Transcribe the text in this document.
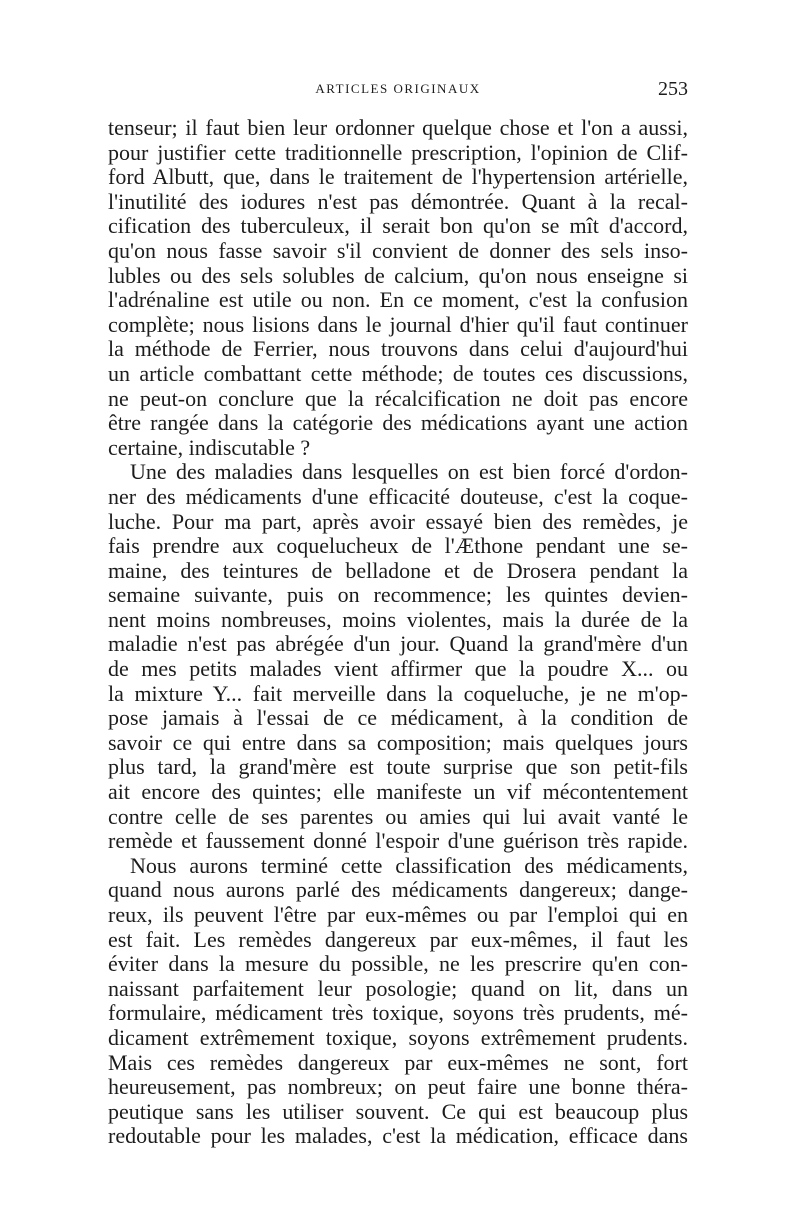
ARTICLES ORIGINAUX	253
tenseur; il faut bien leur ordonner quelque chose et l'on a aussi,
pour justifier cette traditionnelle prescription, l'opinion de Clif-
ford Albutt, que, dans le traitement de l'hypertension artérielle,
l'inutilité des iodures n'est pas démontrée. Quant à la recal-
cification des tuberculeux, il serait bon qu'on se mît d'accord,
qu'on nous fasse savoir s'il convient de donner des sels inso-
lubles ou des sels solubles de calcium, qu'on nous enseigne si
l'adrénaline est utile ou non. En ce moment, c'est la confusion
complète; nous lisions dans le journal d'hier qu'il faut continuer
la méthode de Ferrier, nous trouvons dans celui d'aujourd'hui
un article combattant cette méthode; de toutes ces discussions,
ne peut-on conclure que la récalcification ne doit pas encore
être rangée dans la catégorie des médications ayant une action
certaine, indiscutable ?
Une des maladies dans lesquelles on est bien forcé d'ordon-
ner des médicaments d'une efficacité douteuse, c'est la coque-
luche. Pour ma part, après avoir essayé bien des remèdes, je
fais prendre aux coquelucheux de l'Æthone pendant une se-
maine, des teintures de belladone et de Drosera pendant la
semaine suivante, puis on recommence; les quintes devien-
nent moins nombreuses, moins violentes, mais la durée de la
maladie n'est pas abrégée d'un jour. Quand la grand'mère d'un
de mes petits malades vient affirmer que la poudre X... ou
la mixture Y... fait merveille dans la coqueluche, je ne m'op-
pose jamais à l'essai de ce médicament, à la condition de
savoir ce qui entre dans sa composition; mais quelques jours
plus tard, la grand'mère est toute surprise que son petit-fils
ait encore des quintes; elle manifeste un vif mécontentement
contre celle de ses parentes ou amies qui lui avait vanté le
remède et faussement donné l'espoir d'une guérison très rapide.
Nous aurons terminé cette classification des médicaments,
quand nous aurons parlé des médicaments dangereux; dange-
reux, ils peuvent l'être par eux-mêmes ou par l'emploi qui en
est fait. Les remèdes dangereux par eux-mêmes, il faut les
éviter dans la mesure du possible, ne les prescrire qu'en con-
naissant parfaitement leur posologie; quand on lit, dans un
formulaire, médicament très toxique, soyons très prudents, mé-
dicament extrêmement toxique, soyons extrêmement prudents.
Mais ces remèdes dangereux par eux-mêmes ne sont, fort
heureusement, pas nombreux; on peut faire une bonne théra-
peutique sans les utiliser souvent. Ce qui est beaucoup plus
redoutable pour les malades, c'est la médication, efficace dans
